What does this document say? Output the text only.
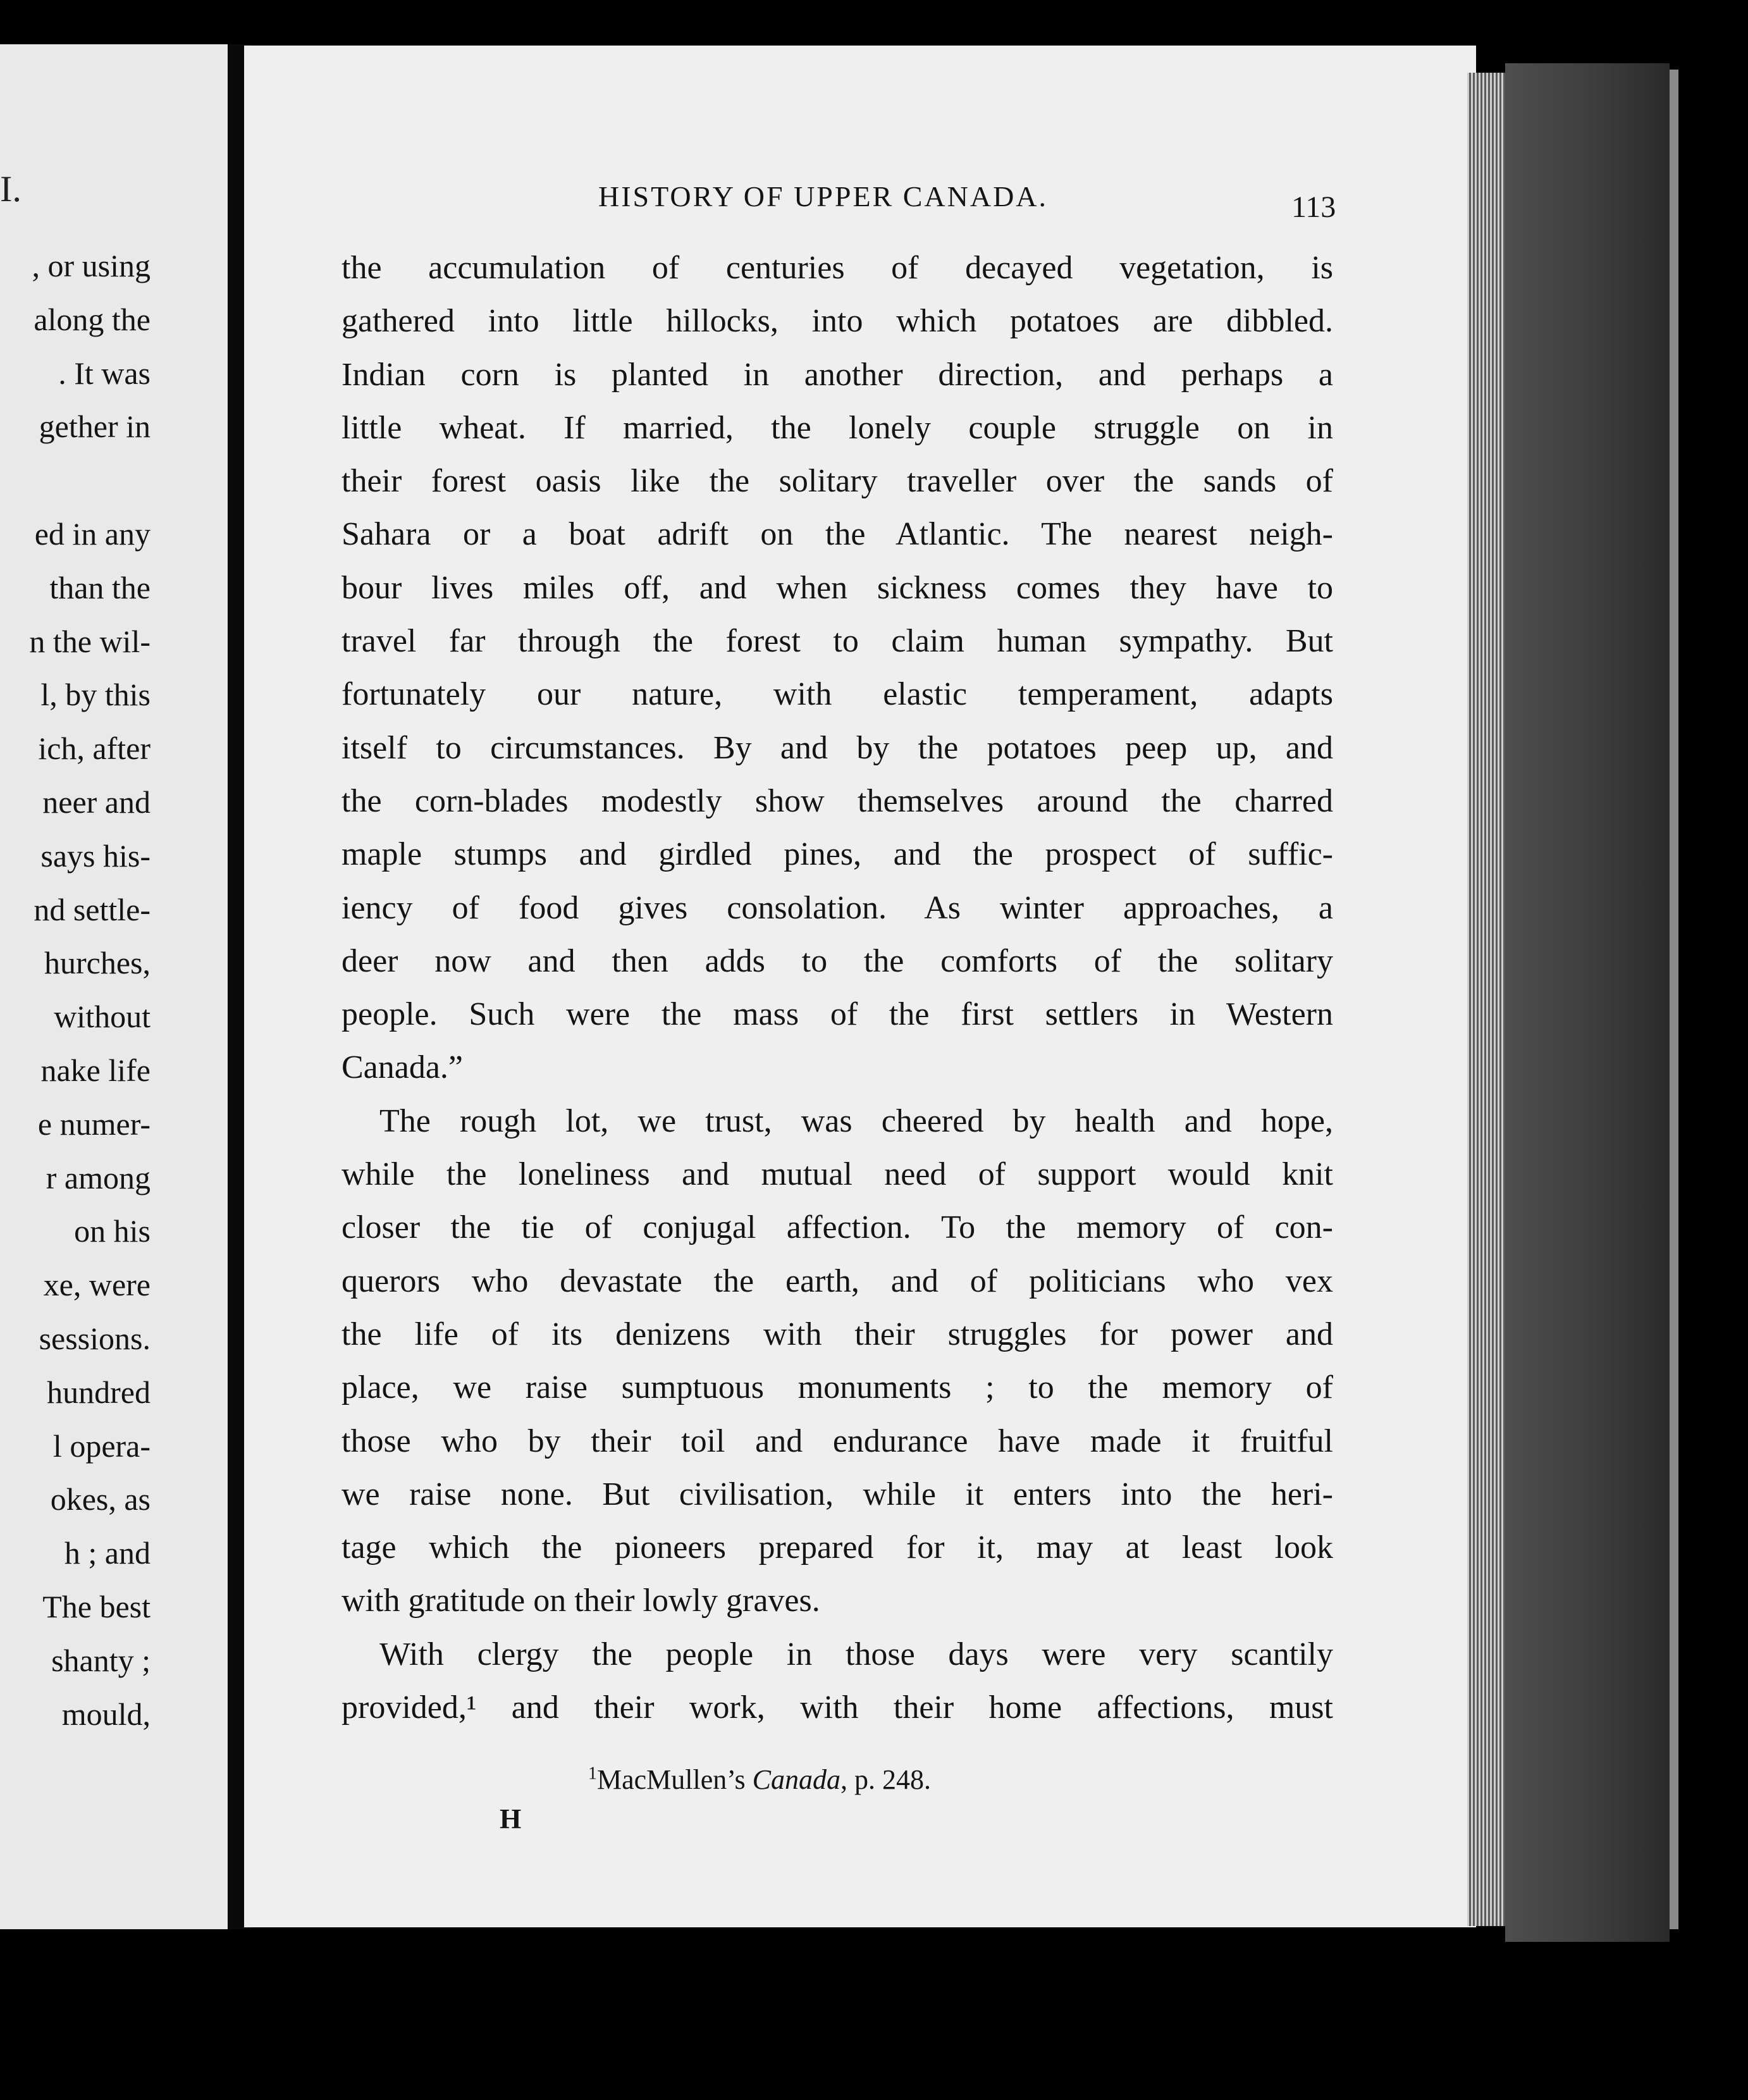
I.
, or using
along the
. It was
gether in
ed in any
than the
n the wil-
l, by this
ich, after
neer and
says his-
nd settle-
hurches,
without
nake life
e numer-
r among
on his
xe, were
sessions.
hundred
l opera-
okes, as
h ; and
The best
shanty ;
mould,
HISTORY OF UPPER CANADA.	113
the accumulation of centuries of decayed vegetation, is
gathered into little hillocks, into which potatoes are dibbled.
Indian corn is planted in another direction, and perhaps a
little wheat. If married, the lonely couple struggle on in
their forest oasis like the solitary traveller over the sands of
Sahara or a boat adrift on the Atlantic. The nearest neigh-
bour lives miles off, and when sickness comes they have to
travel far through the forest to claim human sympathy. But
fortunately our nature, with elastic temperament, adapts
itself to circumstances. By and by the potatoes peep up, and
the corn-blades modestly show themselves around the charred
maple stumps and girdled pines, and the prospect of suffic-
iency of food gives consolation. As winter approaches, a
deer now and then adds to the comforts of the solitary
people. Such were the mass of the first settlers in Western
Canada.”
The rough lot, we trust, was cheered by health and hope,
while the loneliness and mutual need of support would knit
closer the tie of conjugal affection. To the memory of con-
querors who devastate the earth, and of politicians who vex
the life of its denizens with their struggles for power and
place, we raise sumptuous monuments ; to the memory of
those who by their toil and endurance have made it fruitful
we raise none. But civilisation, while it enters into the heri-
tage which the pioneers prepared for it, may at least look
with gratitude on their lowly graves.
With clergy the people in those days were very scantily
provided,¹ and their work, with their home affections, must
$^1$MacMullen’s Canada, p. 248.
H
